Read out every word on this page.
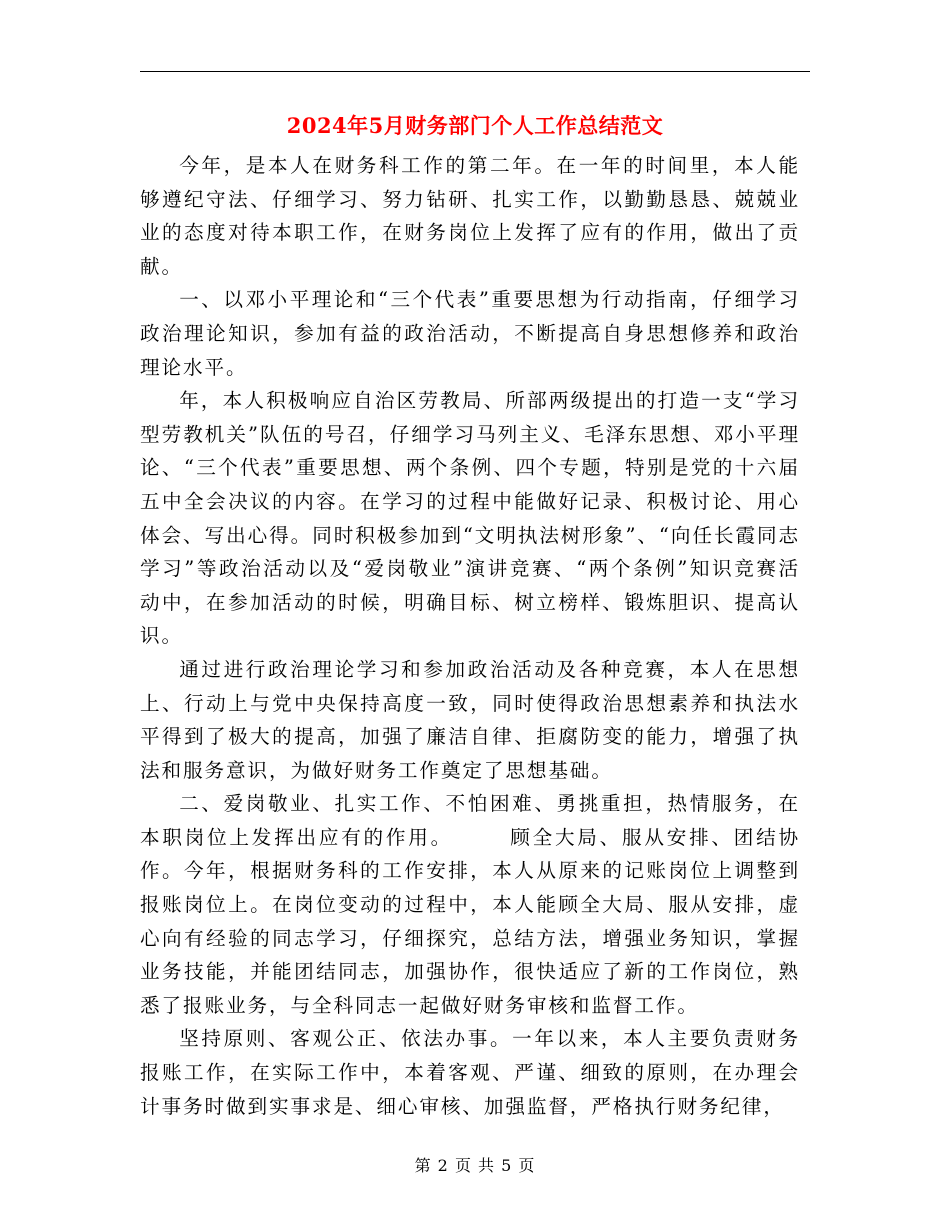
2024年5月财务部门个人工作总结范文

今年，是本人在财务科工作的第二年。在一年的时间里，本人能够遵纪守法、仔细学习、努力钻研、扎实工作，以勤勤恳恳、兢兢业业的态度对待本职工作，在财务岗位上发挥了应有的作用，做出了贡献。

一、以邓小平理论和“三个代表”重要思想为行动指南，仔细学习政治理论知识，参加有益的政治活动，不断提高自身思想修养和政治理论水平。

年，本人积极响应自治区劳教局、所部两级提出的打造一支“学习型劳教机关”队伍的号召，仔细学习马列主义、毛泽东思想、邓小平理论、“三个代表”重要思想、两个条例、四个专题，特别是党的十六届五中全会决议的内容。在学习的过程中能做好记录、积极讨论、用心体会、写出心得。同时积极参加到“文明执法树形象”、“向任长霞同志学习”等政治活动以及“爱岗敬业”演讲竞赛、“两个条例”知识竞赛活动中，在参加活动的时候，明确目标、树立榜样、锻炼胆识、提高认识。

通过进行政治理论学习和参加政治活动及各种竞赛，本人在思想上、行动上与党中央保持高度一致，同时使得政治思想素养和执法水平得到了极大的提高，加强了廉洁自律、拒腐防变的能力，增强了执法和服务意识，为做好财务工作奠定了思想基础。

二、爱岗敬业、扎实工作、不怕困难、勇挑重担，热情服务，在本职岗位上发挥出应有的作用。　　　顾全大局、服从安排、团结协作。今年，根据财务科的工作安排，本人从原来的记账岗位上调整到报账岗位上。在岗位变动的过程中，本人能顾全大局、服从安排，虚心向有经验的同志学习，仔细探究，总结方法，增强业务知识，掌握业务技能，并能团结同志，加强协作，很快适应了新的工作岗位，熟悉了报账业务，与全科同志一起做好财务审核和监督工作。

坚持原则、客观公正、依法办事。一年以来，本人主要负责财务报账工作，在实际工作中，本着客观、严谨、细致的原则，在办理会计事务时做到实事求是、细心审核、加强监督，严格执行财务纪律，

第 2 页 共 5 页
